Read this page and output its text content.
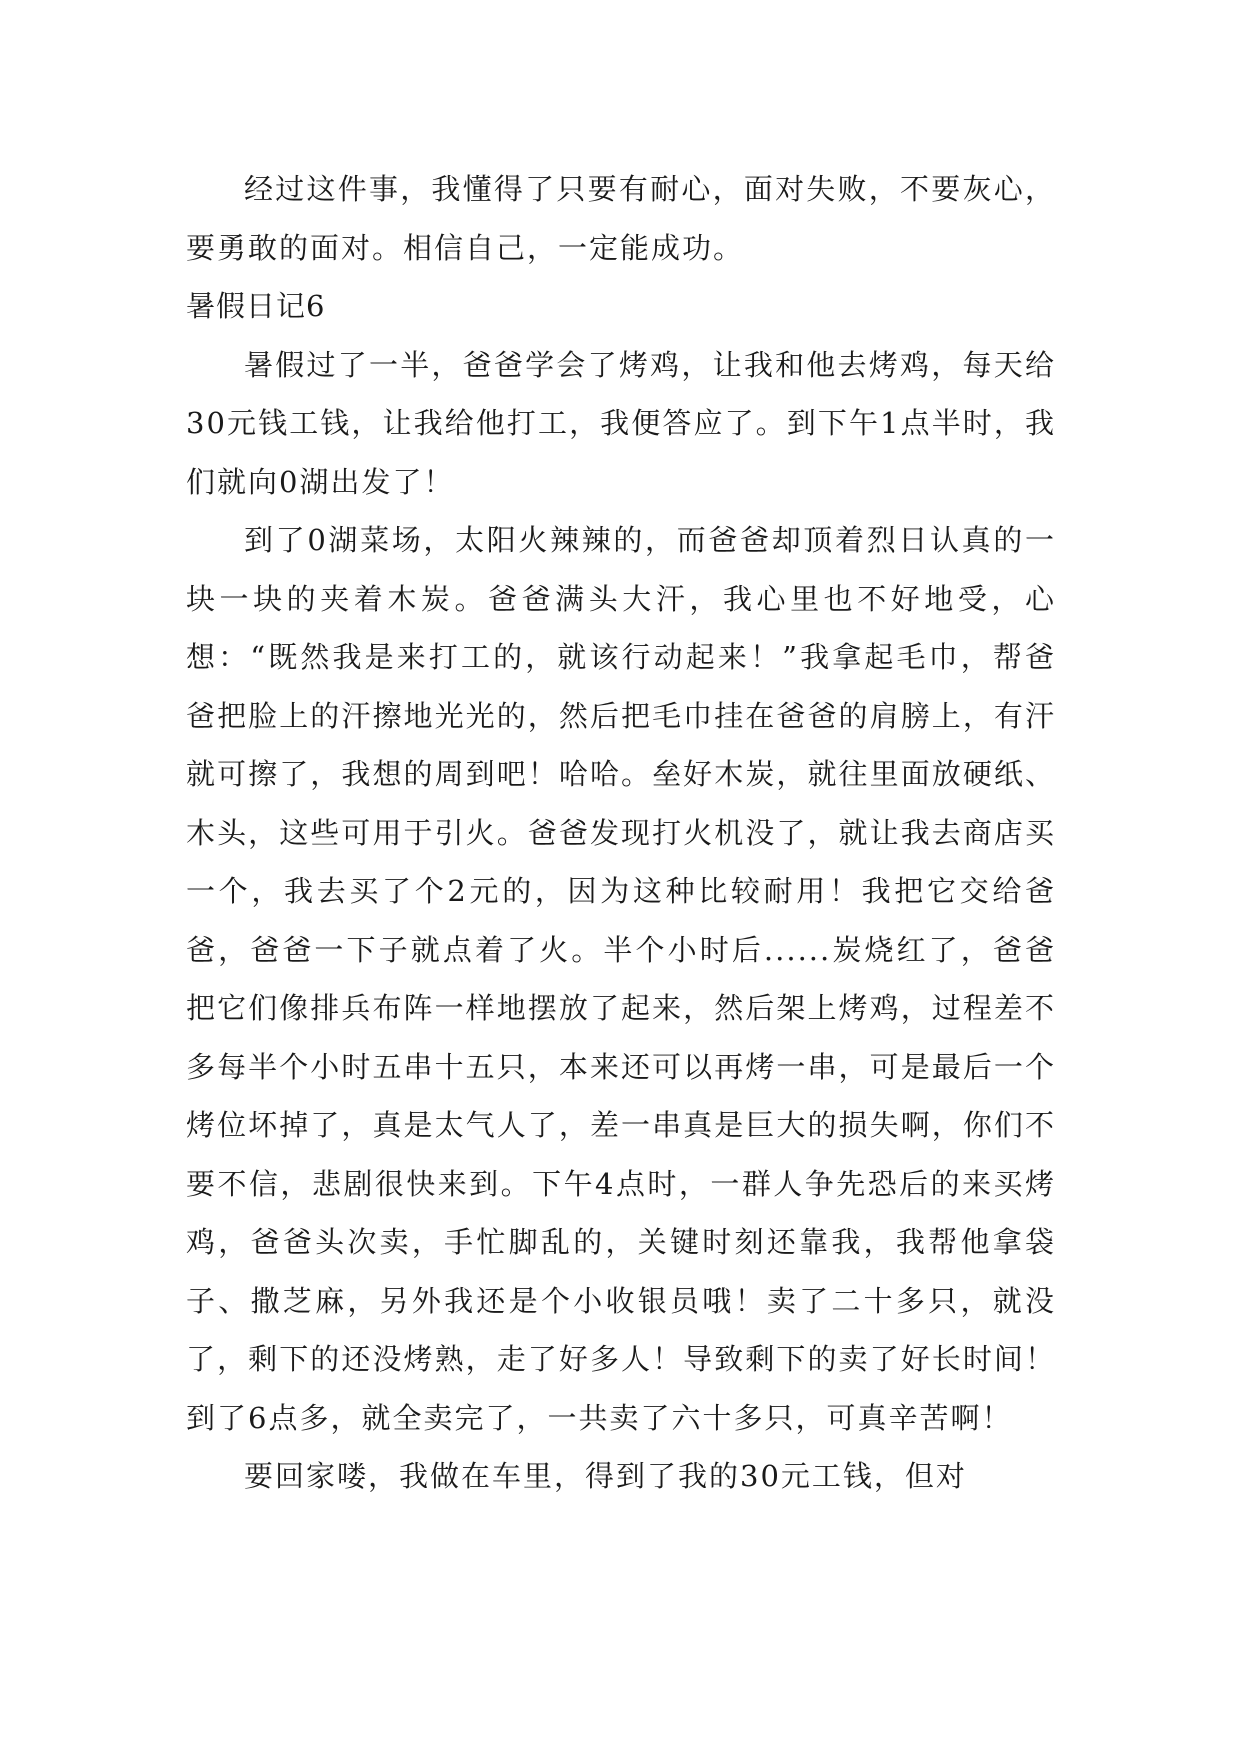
经过这件事，我懂得了只要有耐心，面对失败，不要灰心，要勇敢的面对。相信自己，一定能成功。

暑假日记6

暑假过了一半，爸爸学会了烤鸡，让我和他去烤鸡，每天给30元钱工钱，让我给他打工，我便答应了。到下午1点半时，我们就向0湖出发了！

到了0湖菜场，太阳火辣辣的，而爸爸却顶着烈日认真的一块一块的夹着木炭。爸爸满头大汗，我心里也不好地受，心想：“既然我是来打工的，就该行动起来！”我拿起毛巾，帮爸爸把脸上的汗擦地光光的，然后把毛巾挂在爸爸的肩膀上，有汗就可擦了，我想的周到吧！哈哈。垒好木炭，就往里面放硬纸、木头，这些可用于引火。爸爸发现打火机没了，就让我去商店买一个，我去买了个2元的，因为这种比较耐用！我把它交给爸爸，爸爸一下子就点着了火。半个小时后......炭烧红了，爸爸把它们像排兵布阵一样地摆放了起来，然后架上烤鸡，过程差不多每半个小时五串十五只，本来还可以再烤一串，可是最后一个烤位坏掉了，真是太气人了，差一串真是巨大的损失啊，你们不要不信，悲剧很快来到。下午4点时，一群人争先恐后的来买烤鸡，爸爸头次卖，手忙脚乱的，关键时刻还靠我，我帮他拿袋子、撒芝麻，另外我还是个小收银员哦！卖了二十多只，就没了，剩下的还没烤熟，走了好多人！导致剩下的卖了好长时间！到了6点多，就全卖完了，一共卖了六十多只，可真辛苦啊！

要回家喽，我做在车里，得到了我的30元工钱，但对
